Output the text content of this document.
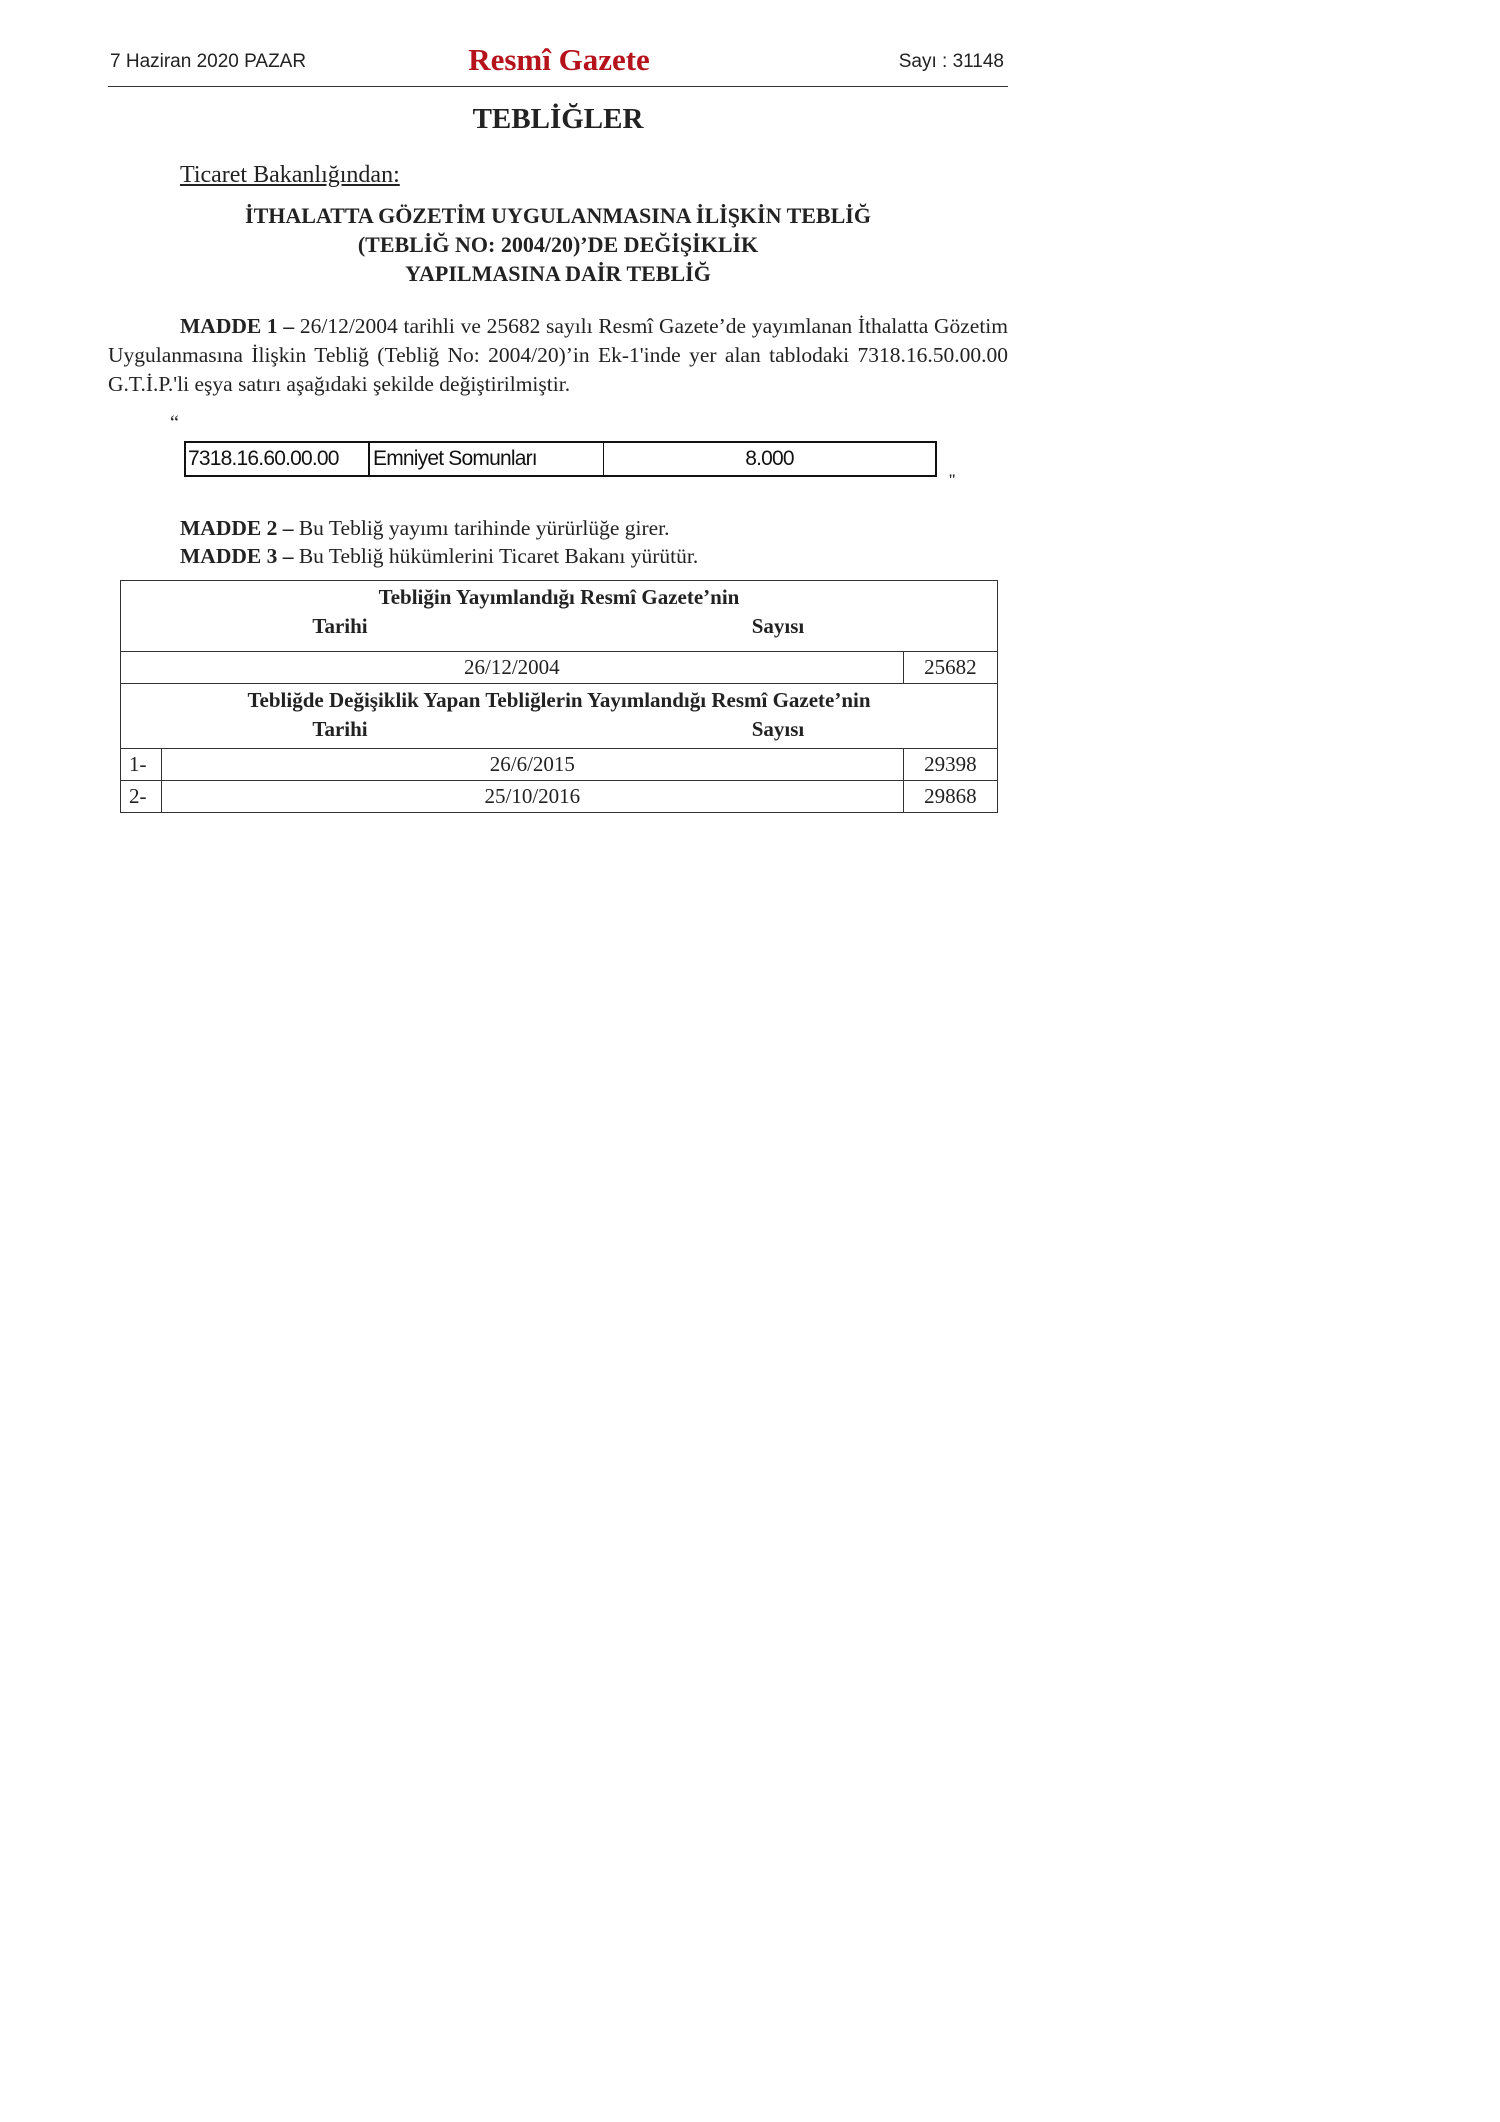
7 Haziran 2020 PAZAR	Resmî Gazete	Sayı : 31148
TEBLİĞLER
Ticaret Bakanlığından:
İTHALATTA GÖZETİM UYGULANMASINA İLİŞKİN TEBLİĞ
(TEBLİĞ NO: 2004/20)’DE DEĞİŞİKLİK
YAPILMASINA DAİR TEBLİĞ
MADDE 1 – 26/12/2004 tarihli ve 25682 sayılı Resmî Gazete’de yayımlanan İthalatta Gözetim Uygulanmasına İlişkin Tebliğ (Tebliğ No: 2004/20)’in Ek-1'inde yer alan tablodaki 7318.16.50.00.00 G.T.İ.P.'li eşya satırı aşağıdaki şekilde değiştirilmiştir.
“
7318.16.60.00.00	Emniyet Somunları	8.000
"
MADDE 2 – Bu Tebliğ yayımı tarihinde yürürlüğe girer.
MADDE 3 – Bu Tebliğ hükümlerini Ticaret Bakanı yürütür.
Tebliğin Yayımlandığı Resmî Gazete’nin
Tarihi Sayısı		

26/12/2004		25682

Tebliğde Değişiklik Yapan Tebliğlerin Yayımlandığı Resmî Gazete’nin
Tarihi Sayısı		

1-	26/6/2015	29398
2-	25/10/2016	29868
